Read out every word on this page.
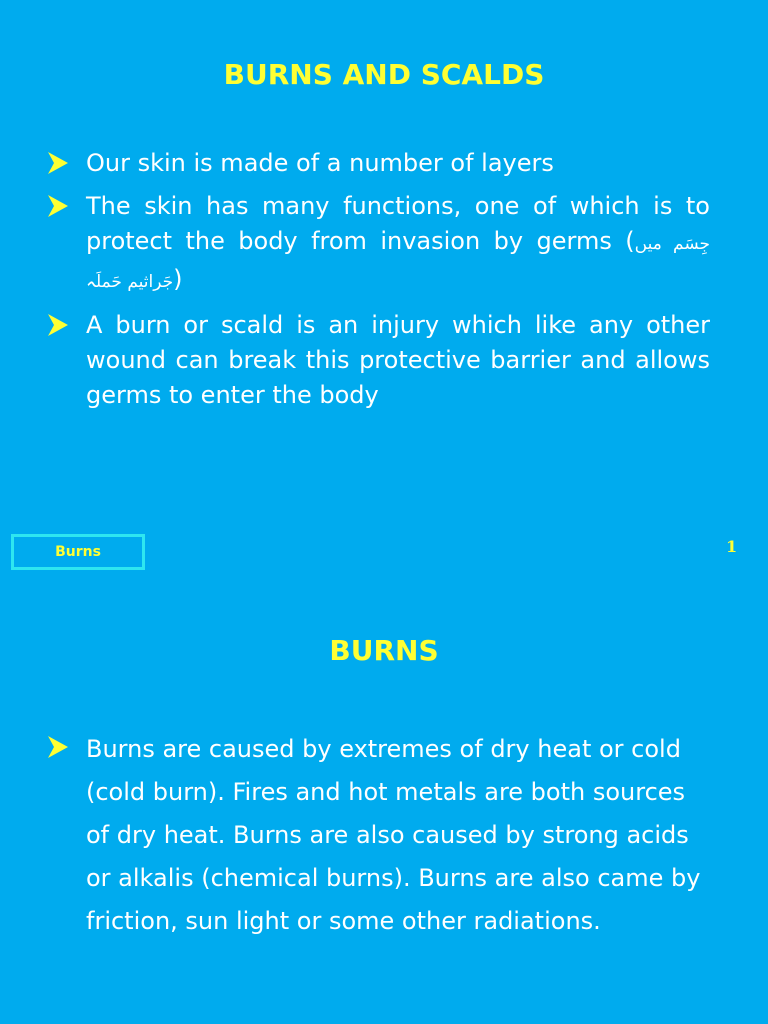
BURNS AND SCALDS
Our skin is made of a number of layers
The skin has many functions, one of which is to protect the body from invasion by germs (جِسَم میں جَراثیم حَملَہ)
A burn or scald is an injury which like any other wound can break this protective barrier and allows germs to enter the body
Burns	1
BURNS
Burns are caused by extremes of dry heat or cold (cold burn). Fires and hot metals are both sources of dry heat. Burns are also caused by strong acids or alkalis (chemical burns). Burns are also came by friction, sun light or some other radiations.
